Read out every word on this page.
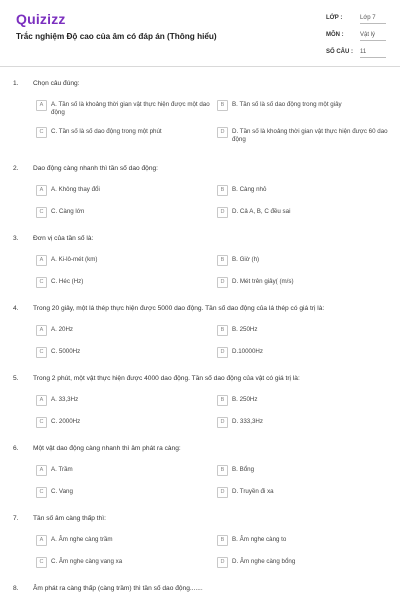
Quizizz
Trắc nghiệm Độ cao của âm có đáp án (Thông hiểu)
LỚP :	Lớp 7
MÔN :	Vật lý
SỐ CÂU : 11
1. Chọn câu đúng:
A	A. Tần số là khoảng thời gian vật thực hiện được một dao động
B	B. Tần số là số dao động trong một giây
C	C. Tần số là số dao động trong một phút	D	D. Tần số là khoảng thời gian vật thực hiện được 60 dao động
2. Dao động càng nhanh thì tần số dao động:
A	A. Không thay đổi	B	B. Càng nhỏ
C	C. Càng lớn	D	D. Cả A, B, C đều sai
3. Đơn vị của tần số là:
A	A. Ki-lô-mét (km)	B	B. Giờ (h)
C	C. Héc (Hz)	D	D. Mét trên giây( (m/s)
4. Trong 20 giây, một lá thép thực hiện được 5000 dao động. Tần số dao động của lá thép có giá trị là:
A	A. 20Hz	B	B. 250Hz
C	C. 5000Hz	D	D.10000Hz
5. Trong 2 phút, một vật thực hiện được 4000 dao động. Tần số dao động của vật có giá trị là:
A	A. 33,3Hz	B	B. 250Hz
C	C. 2000Hz	D	D. 333,3Hz
6. Một vật dao động càng nhanh thì âm phát ra càng:
A	A. Trầm	B	B. Bổng
C	C. Vang	D	D. Truyền đi xa
7. Tần số âm càng thấp thì:
A	A. Âm nghe càng trầm	B	B. Âm nghe càng to
C	C. Âm nghe càng vang xa	D	D. Âm nghe càng bổng
8. Âm phát ra càng thấp (càng trầm) thì tần số dao động.......
